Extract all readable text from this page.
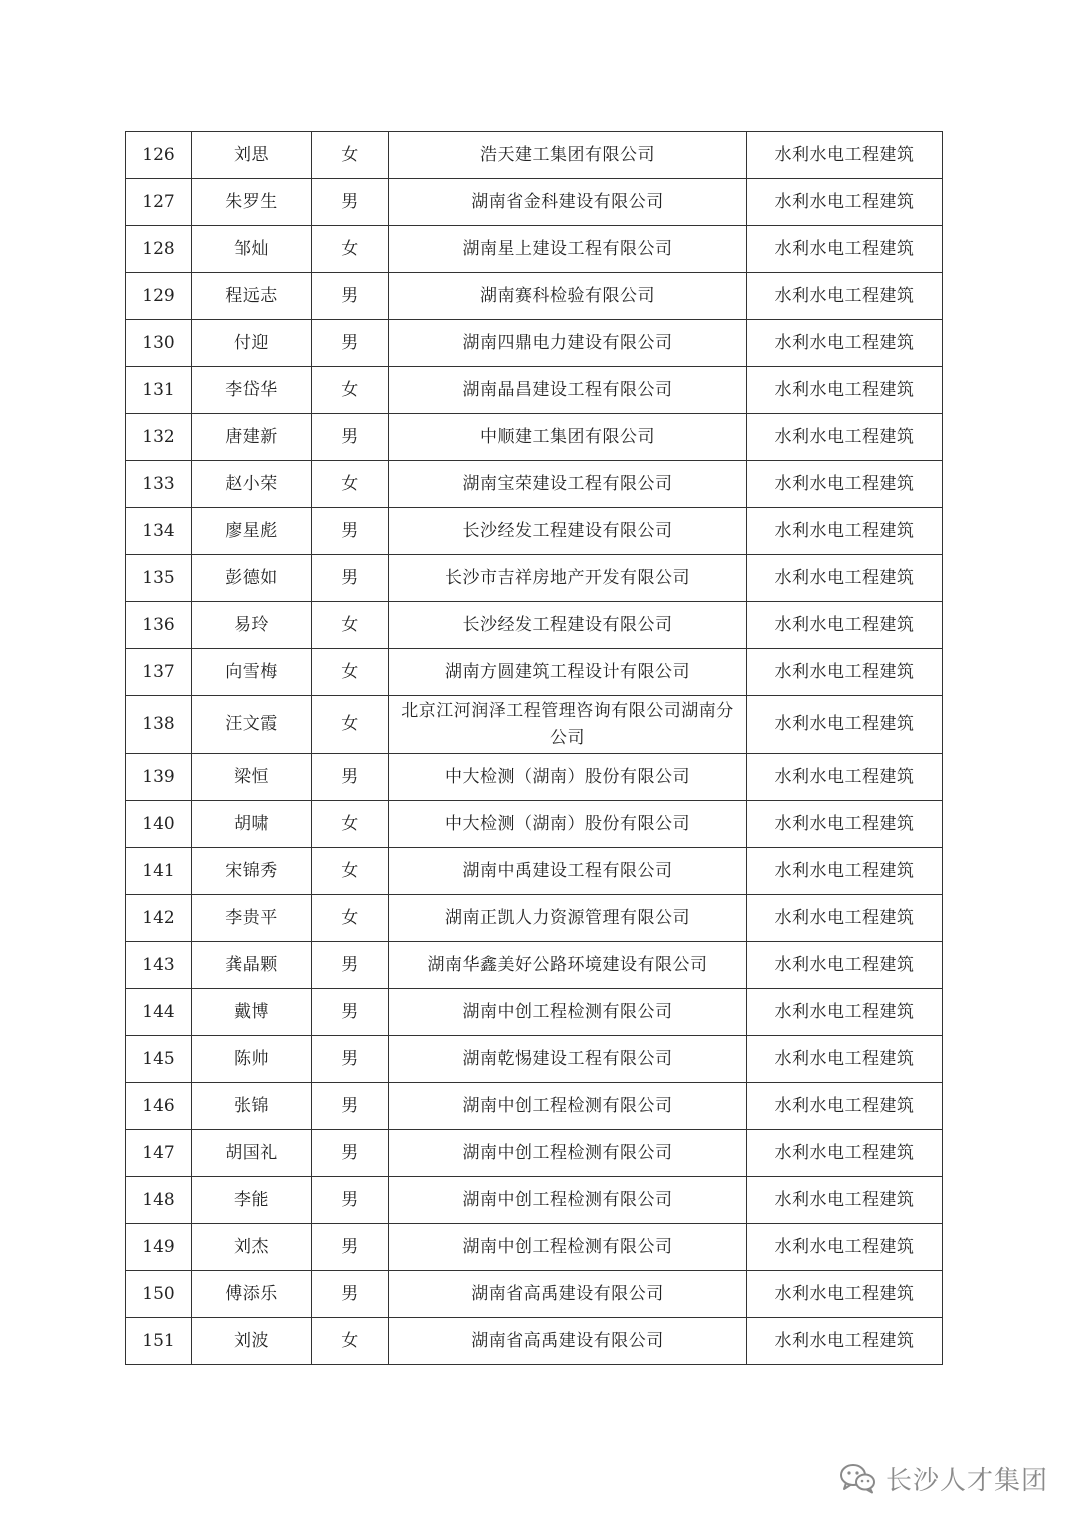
126	刘思	女	浩天建工集团有限公司	水利水电工程建筑
127	朱罗生	男	湖南省金科建设有限公司	水利水电工程建筑
128	邹灿	女	湖南星上建设工程有限公司	水利水电工程建筑
129	程远志	男	湖南赛科检验有限公司	水利水电工程建筑
130	付迎	男	湖南四鼎电力建设有限公司	水利水电工程建筑
131	李岱华	女	湖南晶昌建设工程有限公司	水利水电工程建筑
132	唐建新	男	中顺建工集团有限公司	水利水电工程建筑
133	赵小荣	女	湖南宝荣建设工程有限公司	水利水电工程建筑
134	廖星彪	男	长沙经发工程建设有限公司	水利水电工程建筑
135	彭德如	男	长沙市吉祥房地产开发有限公司	水利水电工程建筑
136	易玲	女	长沙经发工程建设有限公司	水利水电工程建筑
137	向雪梅	女	湖南方圆建筑工程设计有限公司	水利水电工程建筑
138	汪文霞	女	北京江河润泽工程管理咨询有限公司湖南分公司	水利水电工程建筑
139	梁恒	男	中大检测（湖南）股份有限公司	水利水电工程建筑
140	胡啸	女	中大检测（湖南）股份有限公司	水利水电工程建筑
141	宋锦秀	女	湖南中禹建设工程有限公司	水利水电工程建筑
142	李贵平	女	湖南正凯人力资源管理有限公司	水利水电工程建筑
143	龚晶颗	男	湖南华鑫美好公路环境建设有限公司	水利水电工程建筑
144	戴博	男	湖南中创工程检测有限公司	水利水电工程建筑
145	陈帅	男	湖南乾惕建设工程有限公司	水利水电工程建筑
146	张锦	男	湖南中创工程检测有限公司	水利水电工程建筑
147	胡国礼	男	湖南中创工程检测有限公司	水利水电工程建筑
148	李能	男	湖南中创工程检测有限公司	水利水电工程建筑
149	刘杰	男	湖南中创工程检测有限公司	水利水电工程建筑
150	傅添乐	男	湖南省高禹建设有限公司	水利水电工程建筑
151	刘波	女	湖南省高禹建设有限公司	水利水电工程建筑
长沙人才集团
